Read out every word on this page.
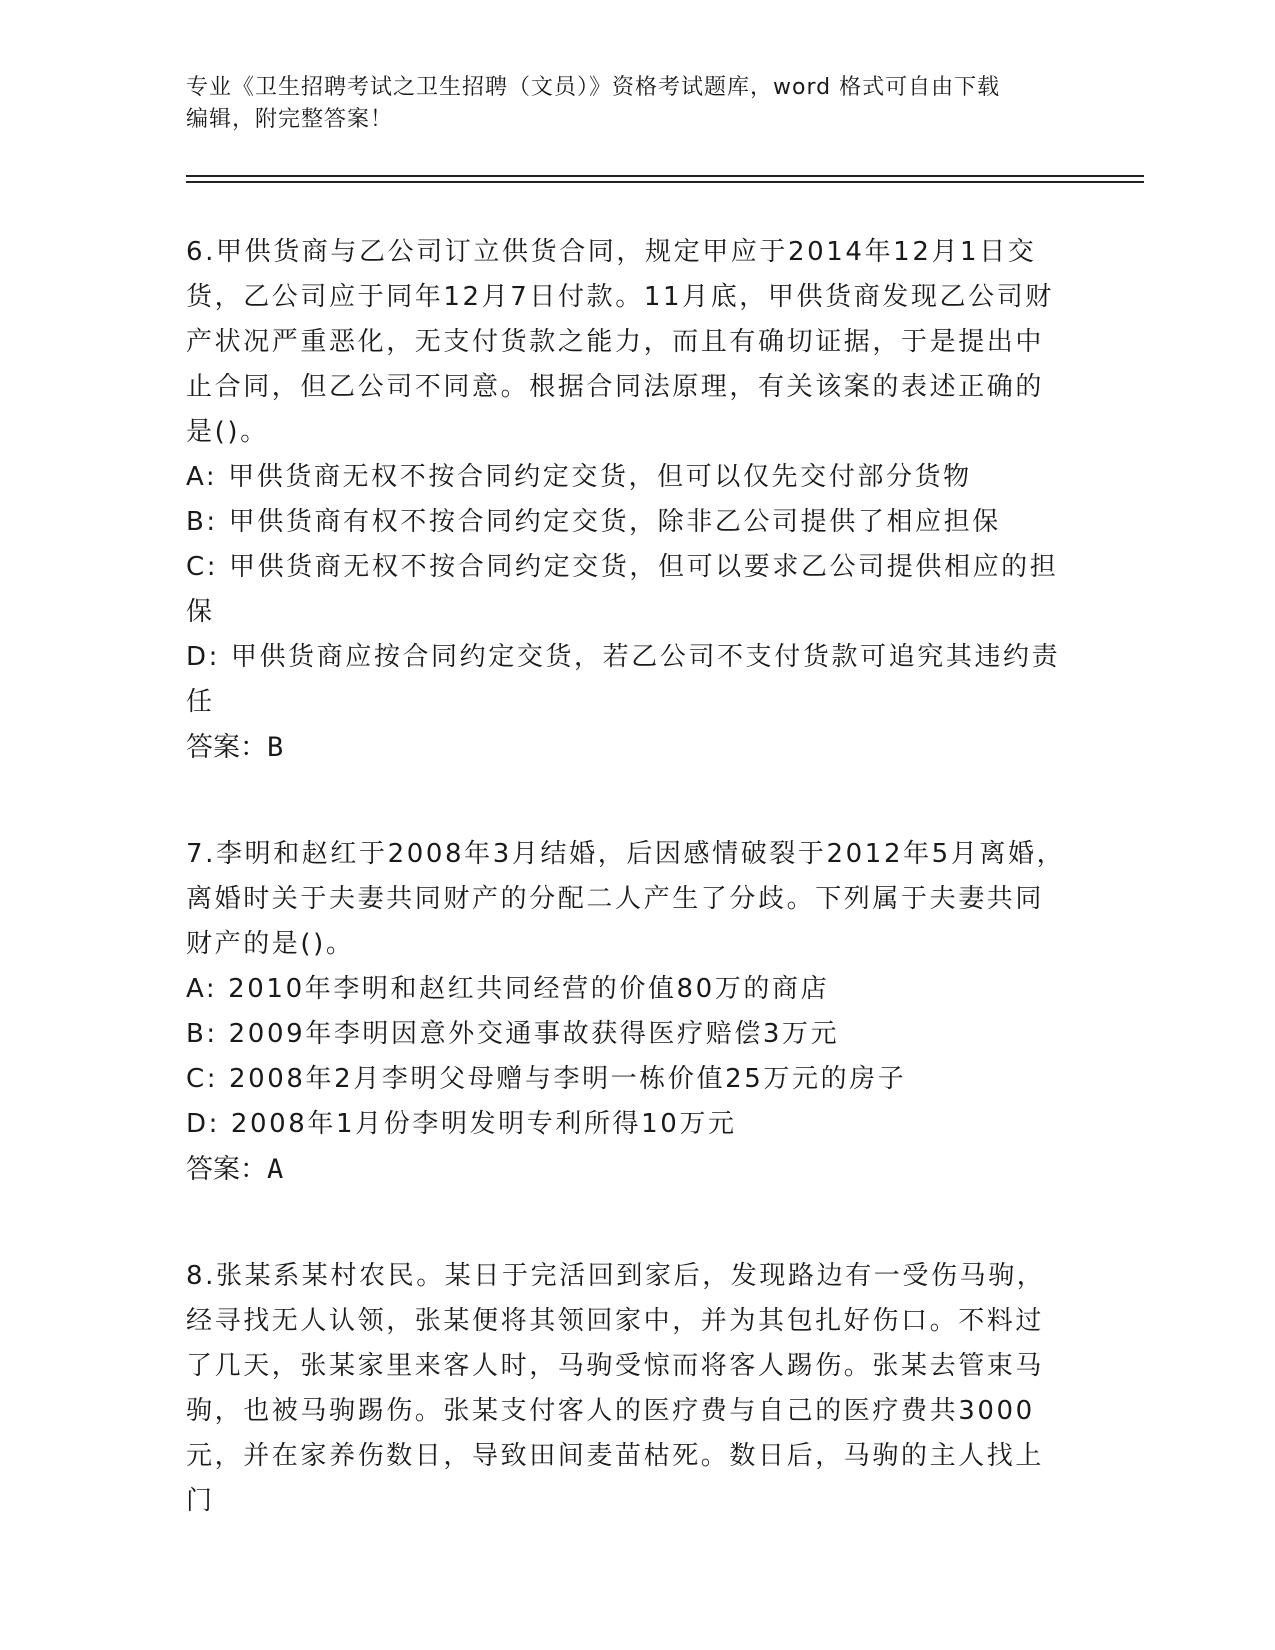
专业《卫生招聘考试之卫生招聘（文员）》资格考试题库，word 格式可自由下载
编辑，附完整答案！

6.甲供货商与乙公司订立供货合同，规定甲应于2014年12月1日交货，乙公司应于同年12月7日付款。11月底，甲供货商发现乙公司财产状况严重恶化，无支付货款之能力，而且有确切证据，于是提出中止合同，但乙公司不同意。根据合同法原理，有关该案的表述正确的是()。

A: 甲供货商无权不按合同约定交货，但可以仅先交付部分货物

B: 甲供货商有权不按合同约定交货，除非乙公司提供了相应担保

C: 甲供货商无权不按合同约定交货，但可以要求乙公司提供相应的担保

D: 甲供货商应按合同约定交货，若乙公司不支付货款可追究其违约责任

答案：B

7.李明和赵红于2008年3月结婚，后因感情破裂于2012年5月离婚，离婚时关于夫妻共同财产的分配二人产生了分歧。下列属于夫妻共同财产的是()。

A: 2010年李明和赵红共同经营的价值80万的商店

B: 2009年李明因意外交通事故获得医疗赔偿3万元

C: 2008年2月李明父母赠与李明一栋价值25万元的房子

D: 2008年1月份李明发明专利所得10万元

答案：A

8.张某系某村农民。某日于完活回到家后，发现路边有一受伤马驹，经寻找无人认领，张某便将其领回家中，并为其包扎好伤口。不料过了几天，张某家里来客人时，马驹受惊而将客人踢伤。张某去管束马驹，也被马驹踢伤。张某支付客人的医疗费与自己的医疗费共3000元，并在家养伤数日，导致田间麦苗枯死。数日后，马驹的主人找上门
